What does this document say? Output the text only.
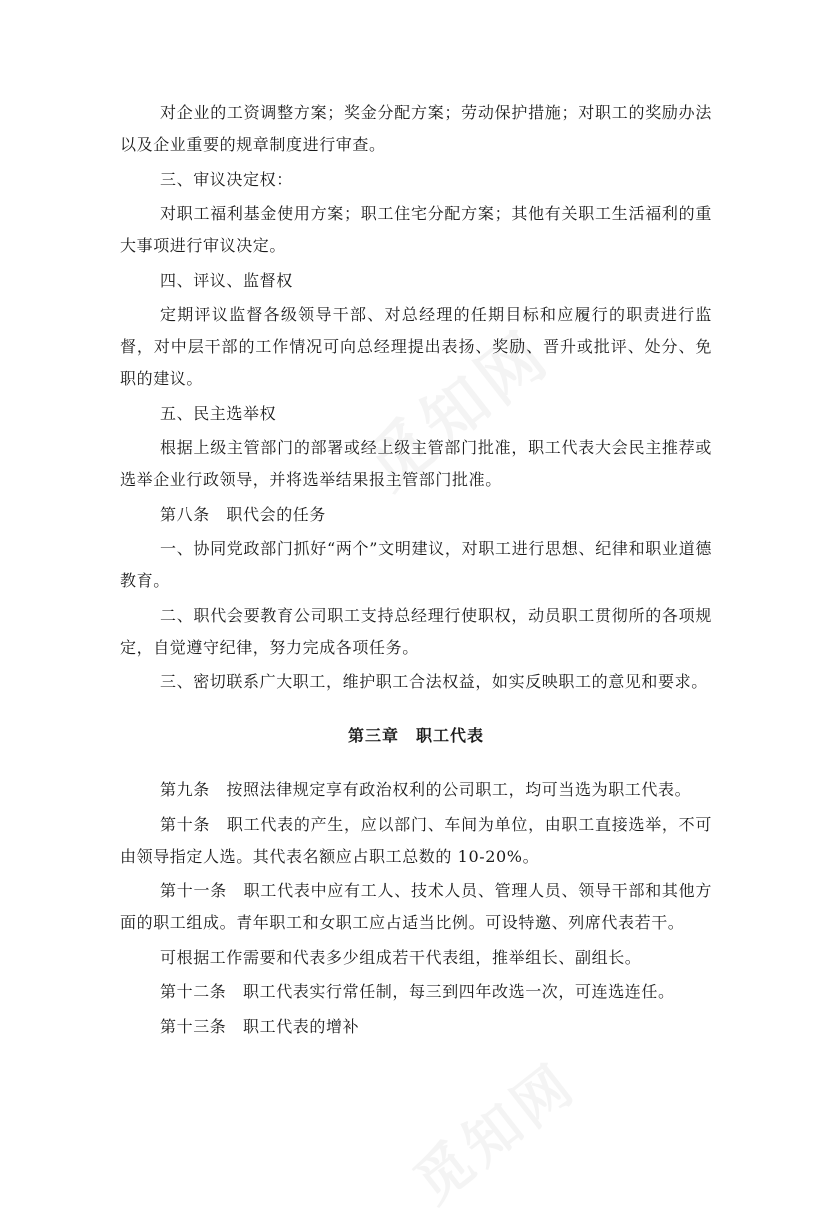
对企业的工资调整方案；奖金分配方案；劳动保护措施；对职工的奖励办法以及企业重要的规章制度进行审查。

三、审议决定权：

对职工福利基金使用方案；职工住宅分配方案；其他有关职工生活福利的重大事项进行审议决定。

四、评议、监督权

定期评议监督各级领导干部、对总经理的任期目标和应履行的职责进行监督，对中层干部的工作情况可向总经理提出表扬、奖励、晋升或批评、处分、免职的建议。

五、民主选举权

根据上级主管部门的部署或经上级主管部门批准，职工代表大会民主推荐或选举企业行政领导，并将选举结果报主管部门批准。

第八条　职代会的任务

一、协同党政部门抓好“两个”文明建议，对职工进行思想、纪律和职业道德教育。

二、职代会要教育公司职工支持总经理行使职权，动员职工贯彻所的各项规定，自觉遵守纪律，努力完成各项任务。

三、密切联系广大职工，维护职工合法权益，如实反映职工的意见和要求。

第三章　职工代表

第九条　按照法律规定享有政治权利的公司职工，均可当选为职工代表。

第十条　职工代表的产生，应以部门、车间为单位，由职工直接选举，不可由领导指定人选。其代表名额应占职工总数的 10-20%。

第十一条　职工代表中应有工人、技术人员、管理人员、领导干部和其他方面的职工组成。青年职工和女职工应占适当比例。可设特邀、列席代表若干。

可根据工作需要和代表多少组成若干代表组，推举组长、副组长。

第十二条　职工代表实行常任制，每三到四年改选一次，可连选连任。

第十三条　职工代表的增补
